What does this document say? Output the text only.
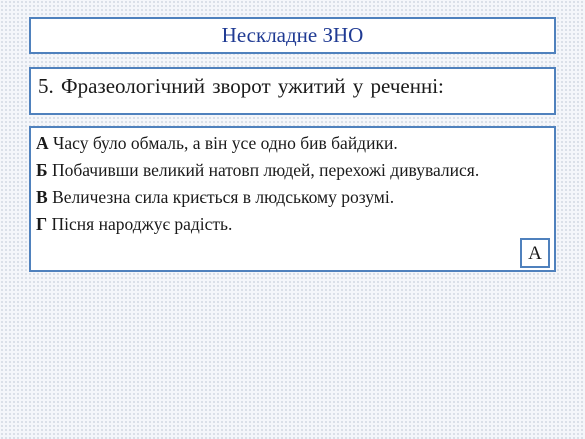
Нескладне ЗНО
5. Фразеологічний зворот ужитий у реченні:
А Часу було обмаль, а він усе одно бив байдики.
Б Побачивши великий натовп людей, перехожі дивувалися.
В Величезна сила криється в людському розумі.
Г Пісня народжує радість.
А
